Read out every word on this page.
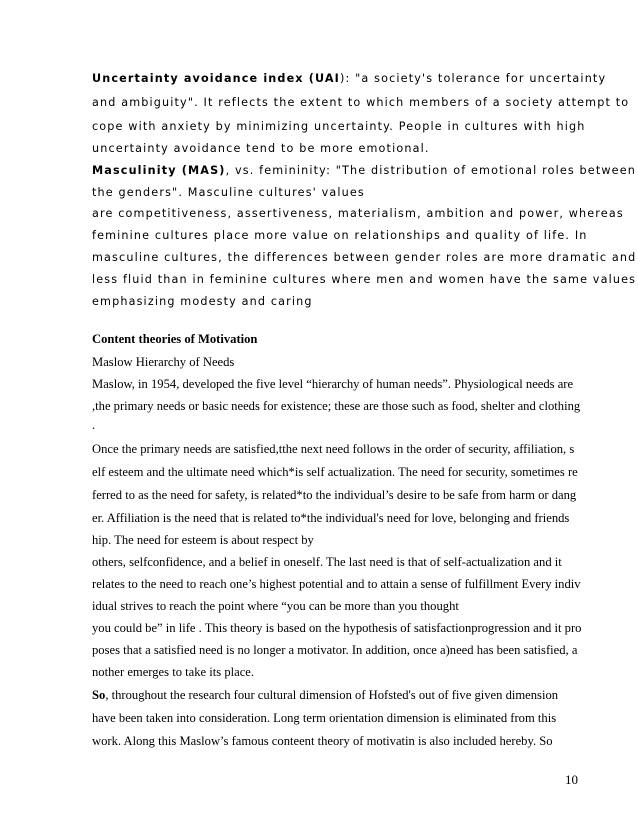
Uncertainty avoidance index (UAI): "a society's tolerance for uncertainty
and ambiguity". It reflects the extent to which members of a society attempt to
cope with anxiety by minimizing uncertainty. People in cultures with high
uncertainty avoidance tend to be more emotional.
Masculinity (MAS), vs. femininity: "The distribution of emotional roles between
the genders". Masculine cultures' values
are competitiveness, assertiveness, materialism, ambition and power, whereas
feminine cultures place more value on relationships and quality of life. In
masculine cultures, the differences between gender roles are more dramatic and
less fluid than in feminine cultures where men and women have the same values
emphasizing modesty and caring
Content theories of Motivation
Maslow Hierarchy of Needs
Maslow, in 1954, developed the five level “hierarchy of human needs”. Physiological needs are
,the primary needs or basic needs for existence; these are those such as food, shelter and clothing
.
Once the primary needs are satisfied,tthe next need follows in the order of security, affiliation, s
elf esteem and the ultimate need which*is self actualization. The need for security, sometimes re
ferred to as the need for safety, is related*to the individual’s desire to be safe from harm or dang
er. Affiliation is the need that is related to*the individual's need for love, belonging and friends
hip. The need for esteem is about respect by
others, selfconfidence, and a belief in oneself. The last need is that of self-actualization and it
relates to the need to reach one’s highest potential and to attain a sense of fulfillment Every indiv
idual strives to reach the point where “you can be more than you thought
you could be” in life . This theory is based on the hypothesis of satisfactionprogression and it pro
poses that a satisfied need is no longer a motivator. In addition, once a)need has been satisfied, a
nother emerges to take its place.
So, throughout the research four cultural dimension of Hofsted's out of five given dimension
have been taken into consideration. Long term orientation dimension is eliminated from this
work. Along this Maslow’s famous conteent theory of motivatin is also included hereby. So
10
